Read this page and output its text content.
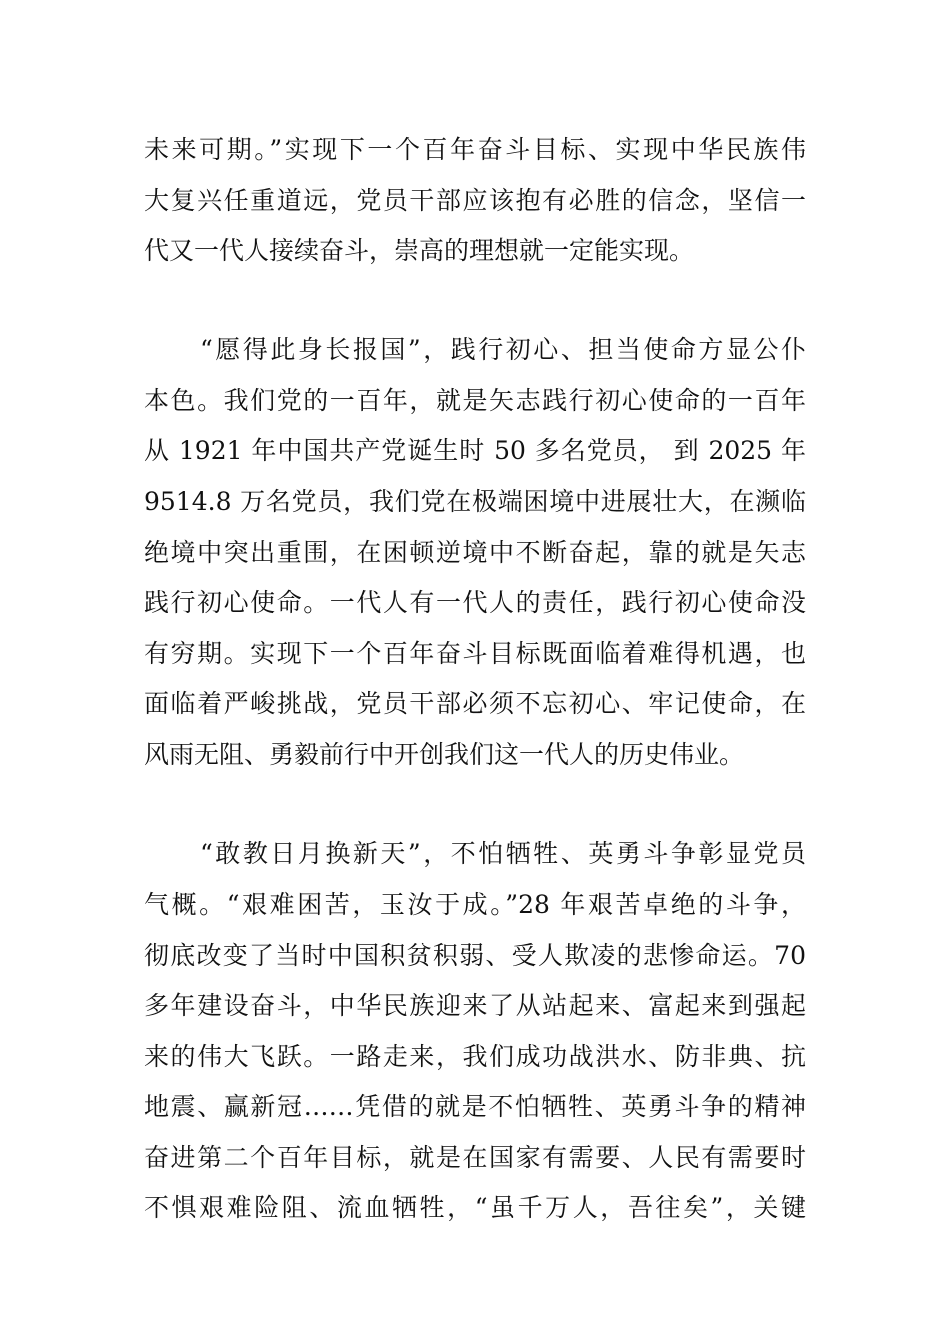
未来可期。”实现下一个百年奋斗目标、实现中华民族伟
大复兴任重道远，党员干部应该抱有必胜的信念，坚信一
代又一代人接续奋斗，崇高的理想就一定能实现。
“愿得此身长报国”，践行初心、担当使命方显公仆
本色。我们党的一百年，就是矢志践行初心使命的一百年
从 1921 年中国共产党诞生时 50 多名党员， 到 2025 年
9514.8 万名党员，我们党在极端困境中进展壮大，在濒临
绝境中突出重围，在困顿逆境中不断奋起，靠的就是矢志
践行初心使命。一代人有一代人的责任，践行初心使命没
有穷期。实现下一个百年奋斗目标既面临着难得机遇，也
面临着严峻挑战，党员干部必须不忘初心、牢记使命，在
风雨无阻、勇毅前行中开创我们这一代人的历史伟业。
“敢教日月换新天”，不怕牺牲、英勇斗争彰显党员
气概。“艰难困苦，玉汝于成。”28 年艰苦卓绝的斗争，
彻底改变了当时中国积贫积弱、受人欺凌的悲惨命运。70
多年建设奋斗，中华民族迎来了从站起来、富起来到强起
来的伟大飞跃。一路走来，我们成功战洪水、防非典、抗
地震、赢新冠……凭借的就是不怕牺牲、英勇斗争的精神
奋进第二个百年目标，就是在国家有需要、人民有需要时
不惧艰难险阻、流血牺牲，“虽千万人，吾往矣”，关键
